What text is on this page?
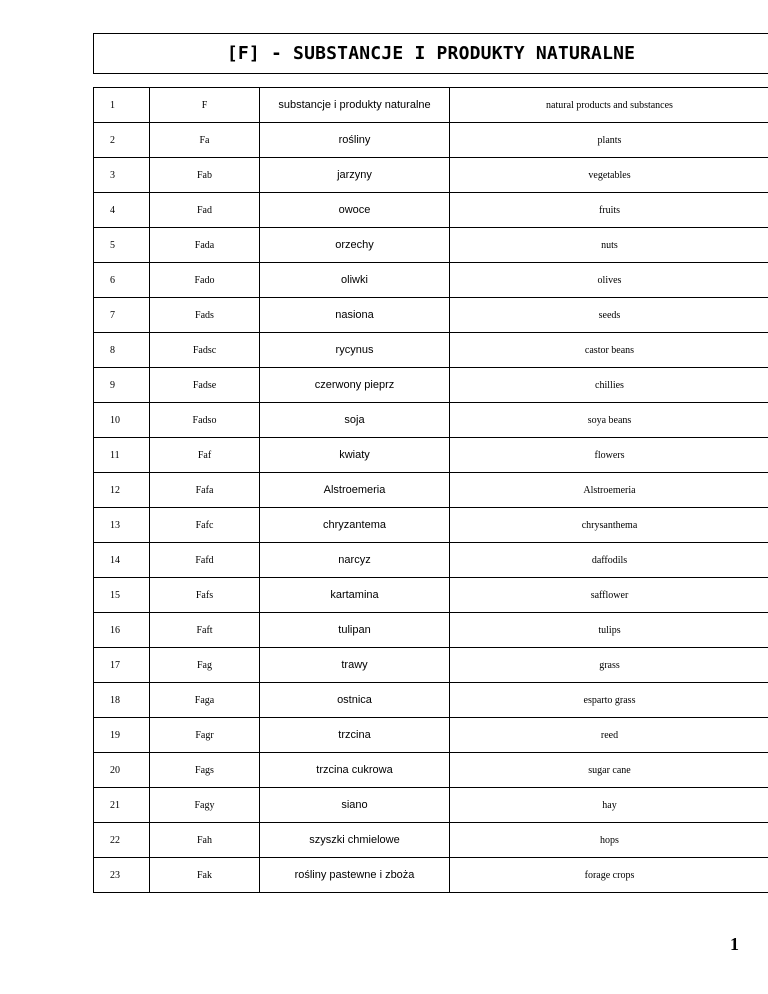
[F] - SUBSTANCJE I PRODUKTY NATURALNE
1	F	substancje i produkty naturalne	natural products and substances
2	Fa	rośliny	plants
3	Fab	jarzyny	vegetables
4	Fad	owoce	fruits
5	Fada	orzechy	nuts
6	Fado	oliwki	olives
7	Fads	nasiona	seeds
8	Fadsc	rycynus	castor beans
9	Fadse	czerwony pieprz	chillies
10	Fadso	soja	soya beans
11	Faf	kwiaty	flowers
12	Fafa	Alstroemeria	Alstroemeria
13	Fafc	chryzantema	chrysanthema
14	Fafd	narcyz	daffodils
15	Fafs	kartamina	safflower
16	Faft	tulipan	tulips
17	Fag	trawy	grass
18	Faga	ostnica	esparto grass
19	Fagr	trzcina	reed
20	Fags	trzcina cukrowa	sugar cane
21	Fagy	siano	hay
22	Fah	szyszki chmielowe	hops
23	Fak	rośliny pastewne i zboża	forage crops
1
